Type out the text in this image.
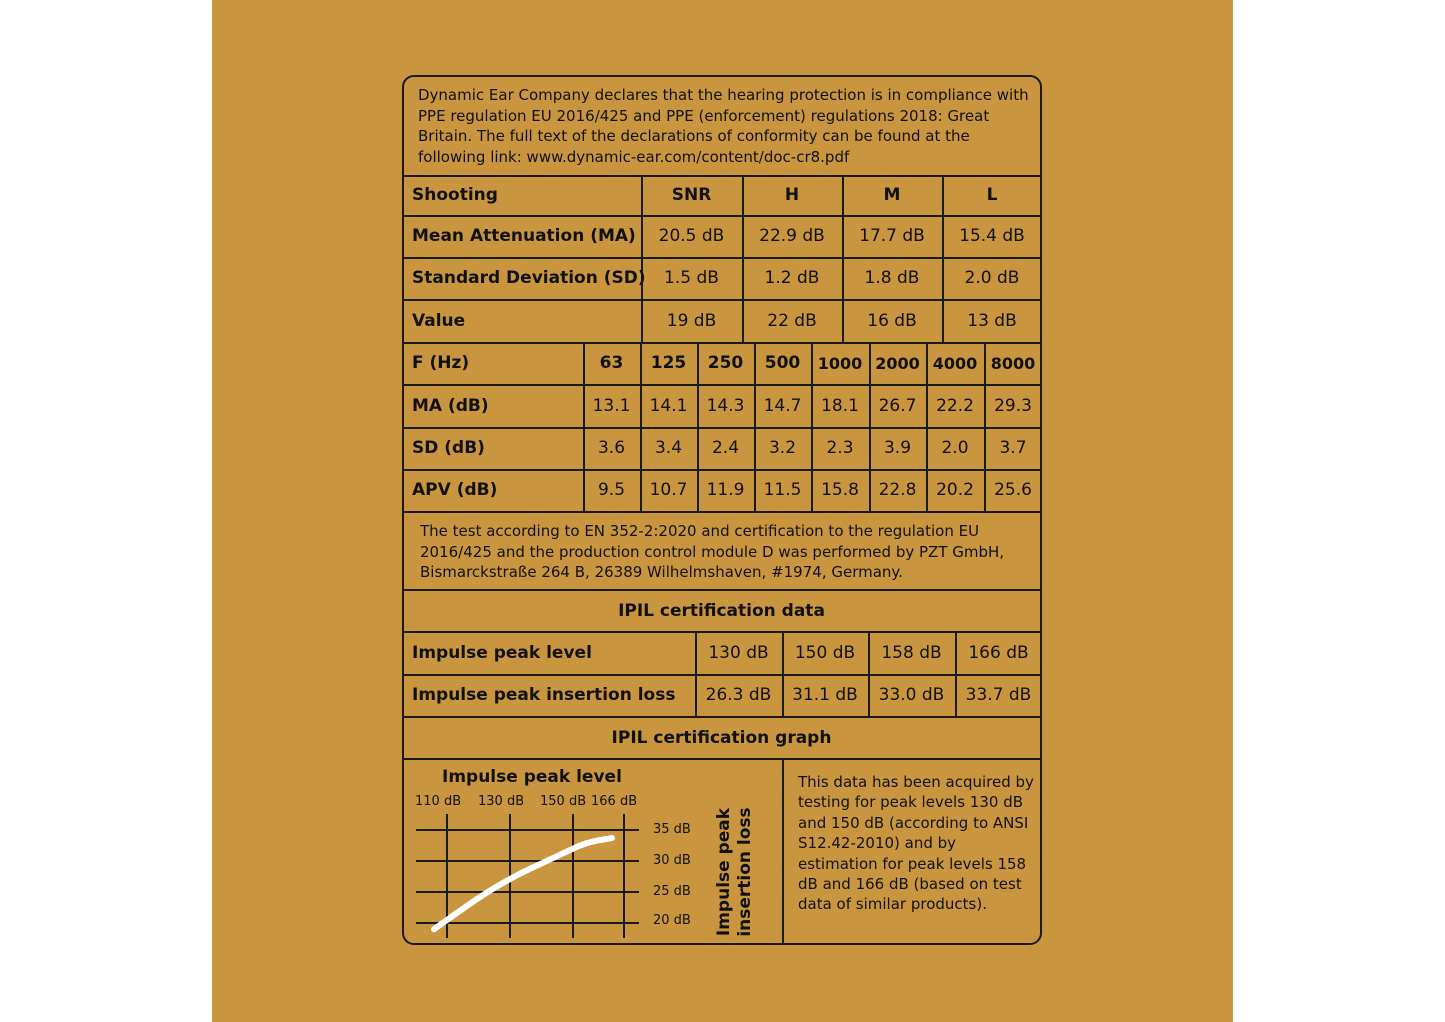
Dynamic Ear Company declares that the hearing protection is in compliance with PPE regulation EU 2016/425 and PPE (enforcement) regulations 2018: Great Britain. The full text of the declarations of conformity can be found at the following link: www.dynamic-ear.com/content/doc-cr8.pdf
Shooting	SNR	H	M	L
Mean Attenuation (MA)	20.5 dB	22.9 dB	17.7 dB	15.4 dB
Standard Deviation (SD)	1.5 dB	1.2 dB	1.8 dB	2.0 dB
Value	19 dB	22 dB	16 dB	13 dB
F (Hz)	63	125	250	500	1000 2000 4000 8000
MA (dB)	13.1	14.1	14.3	14.7	18.1	26.7	22.2	29.3
SD (dB)	3.6	3.4	2.4	3.2	2.3	3.9	2.0	3.7
APV (dB)	9.5	10.7	11.9	11.5	15.8	22.8	20.2	25.6
The test according to EN 352-2:2020 and certification to the regulation EU 2016/425 and the production control module D was performed by PZT GmbH, Bismarckstraße 264 B, 26389 Wilhelmshaven, #1974, Germany.
IPIL certification data
Impulse peak level	130 dB	150 dB	158 dB	166 dB
Impulse peak insertion loss	26.3 dB	31.1 dB	33.0 dB	33.7 dB
IPIL certification graph
Impulse peak level
110 dB 130 dB 150 dB 166 dB
35 dB
30 dB
25 dB
20 dB Impulse peak insertion loss
This data has been acquired by testing for peak levels 130 dB and 150 dB (according to ANSI S12.42-2010) and by estimation for peak levels 158 dB and 166 dB (based on test data of similar products).
